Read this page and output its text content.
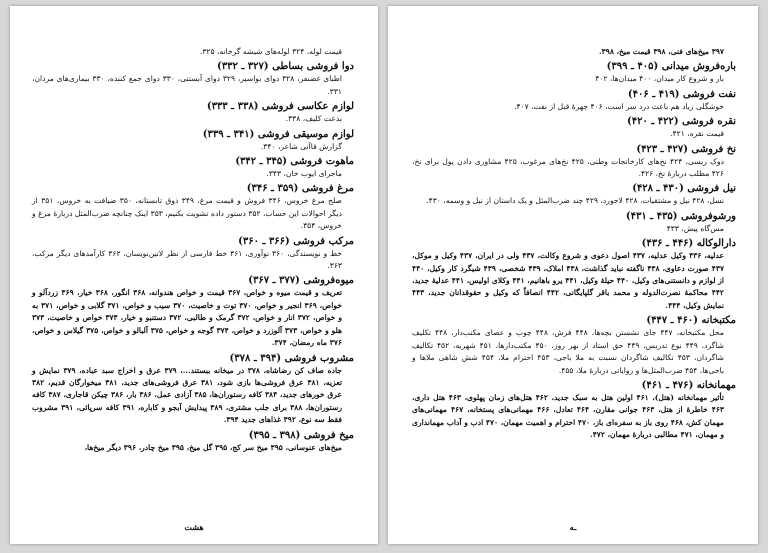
قیمت لوله، ۳۲۴ لوله‌های شیشه گرخانه، ۳۲۵.
دوا فروشی بساطی (۳۲۷ ـ ۳۳۲)
اطبای غضنفر، ۳۲۸ دوای بواسیر، ۳۲۹ دوای آبستنی، ۳۳۰ دوای جمع کننده، ۳۳۰ بیماری‌های مردان، ۳۳۱.
لوازم عکاسی فروشی (۳۳۸ ـ ۳۳۳)
بدعت کلیف، ۳۳۸.
لوازم موسیقی فروشی (۳۴۱ ـ ۳۳۹)
گزارش قاآنی شاعر، ۳۴۰.
ماهوت فروشی (۳۴۵ ـ ۳۴۲)
ماجرای ایوب خان، ۳۴۳.
مرغ فروشی (۳۵۹ ـ ۳۴۶)
صلح مرغ خروس، ۳۴۶ فروش و قیمت مرغ، ۳۴۹ ذوق تابستانه، ۳۵۰ ضیافت به خروس، ۳۵۱ از دیگر احوالات این حساب، ۳۵۲ دستور داده تشویت بکنیم، ۳۵۳ اینک چنانچه ضرب‌المثل دربارهٔ مرغ و خروس، ۳۵۴.
مرکب فروشی (۳۶۶ ـ ۳۶۰)
خط و نویسندگی، ۳۶۰ نوآوری، ۳۶۱ خط فارسی از نظر لاتین‌نویسان، ۳۶۲ کارآمدهای دیگر مرکب، ۳۶۳.
میوه‌فروشی (۳۷۷ ـ ۳۶۷)
تعریف و قیمت میوه و خواص، ۳۶۷ قیمت و خواص هندوانه، ۳۶۸ انگور، ۳۶۸ خیار، ۳۶۹ زردآلو و خواص، ۳۶۹ انجیر و خواص، ۳۷۰ توت و خاصیت، ۳۷۰ سیب و خواص، ۳۷۱ گلابی و خواص، ۳۷۱ به و خواص، ۳۷۲ انار و خواص، ۳۷۲ گرمک و طالبی، ۳۷۲ دستنبو و خیار، ۳۷۳ خواص و خاصیت، ۳۷۳ هلو و خواص، ۳۷۳ آلوزرد و خواص، ۳۷۴ گوجه و خواص، ۳۷۵ آلبالو و خواص، ۳۷۵ گیلاس و خواص، ۳۷۶ ماه رمضان، ۳۷۴.
مشروب فروشی (۳۹۴ ـ ۳۷۸)
جاده صاف کن رضاشاه، ۳۷۸ در میخانه ببستند...، ۳۷۹ عرق و اخراج سبد عباده، ۳۷۹ نمایش و تعزیه، ۳۸۱ عرق فروشی‌ها بازی شود، ۳۸۱ عرق فروشی‌های جدید، ۳۸۱ میخوارگان قدیم، ۳۸۲ عرق خورهای جدید، ۳۸۴ کافه رستوران‌ها، ۳۸۵ آزادی عمل، ۳۸۶ بار، ۳۸۶ چیکن قاجاری، ۳۸۷ کافه رستوران‌ها، ۳۸۸ برای جلب مشتری، ۳۸۹ پیدایش آبجو و کاباره، ۳۹۱ کافه سرپائی، ۳۹۱ مشروب فقط سه نوع، ۳۹۲ غذاهای جدید ۳۹۴.
میخ فروشی (۳۹۸ ـ ۳۹۵)
میخ‌های عنوسانی، ۳۹۵ میخ سر کج، ۳۹۵ گل میخ، ۳۹۵ میخ چادر، ۳۹۶ دیگر میخ‌ها،
هشت
۳۹۷ میخ‌های فنی، ۳۹۸ قیمت میخ، ۳۹۸.
باره‌فروش میدانی (۴۰۵ ـ ۳۹۹)
بار و شروع کار میدان، ۴۰۰ میدان‌ها، ۴۰۲
نفت فروشی (۴۱۹ ـ ۴۰۶)
خوشگلی زیاد هم باعث درد سر است، ۴۰۶ چهرهٔ قبل از نفت، ۴۰۷.
نقره فروشی (۴۲۲ ـ ۴۲۰)
قیمت نقره، ۴۲۱.
نخ فروشی (۴۲۷ ـ ۴۲۳)
دوک ریسی، ۴۲۴ نخ‌های کارخانجات وطنی، ۴۲۵ نخ‌های مرغوب، ۴۲۵ مشاوری دادن پول برای نخ، ۴۲۶ مطلب دربارهٔ نخ، ۴۲۶.
نیل فروشی (۴۳۰ ـ ۴۲۸)
نسل، ۴۲۸ نیل و مشتقیات، ۴۲۸ لاجورد، ۴۲۹ چند ضرب‌المثل و یک داستان از نیل و وسمه، ۴۳۰.
ورشوفروشی (۴۳۵ ـ ۴۳۱)
مس‌گاه پیش، ۴۳۳
دارالوکاله (۴۴۶ ـ ۴۳۶)
عدلیه، ۴۳۶ وکیل عدلیه، ۴۳۷ اصول دعوی و شروع وکالت، ۴۳۷ ولی در ایران، ۴۳۷ وکیل و موکل، ۴۳۷ صورت دعاوی، ۴۳۸ ناگفته نباید گذاشت، ۴۳۸ املاک، ۴۳۹ شخصی، ۴۳۹ شیگرد کار وکیل، ۴۴۰ از لوازم و دانستنی‌های وکیل، ۴۴۰ حیلهٔ وکیل، ۴۴۱ یرو باهانیم، ۴۴۱ وکلای اولیس، ۴۴۱ عدلیهٔ جدید، ۴۴۲ محاکمهٔ نصرت‌الدوله و محمد باقر گلپایگانی، ۴۴۲ انصافاً که وکیل و حقوقدانان جدید، ۴۴۳ نمایش وکیل، ۴۴۴.
مکتبخانه (۴۶۰ ـ ۴۴۷)
محل مکتبخانه، ۴۴۷ جای نشستن بچه‌ها، ۴۴۸ فرش، ۴۴۸ چوب و عصای مکتب‌دار، ۴۴۸ تکلیف شاگرد، ۴۴۹ نوع تدریس، ۴۴۹ حق استاد از بهر روز، ۴۵۰ مکتب‌دارها، ۴۵۱ شهریه، ۴۵۲ تکالیف شاگردان، ۴۵۳ تکالیف شاگردان نسبت به ملا باجی، ۴۵۳ احترام ملا، ۴۵۴ شش شاهی ملاها و باجی‌ها، ۴۵۴ ضرب‌المثل‌ها و روایاتی دربارهٔ ملا، ۴۵۵.
مهمانخانه (۴۷۶ ـ ۴۶۱)
تأثیر مهمانخانه (هتل)، ۴۶۱ اولین هتل به سبک جدید، ۴۶۲ هتل‌های زمان پهلوی، ۴۶۳ هتل داری، ۴۶۳ خاطرهٔ از هتل، ۴۶۳ جوانی مقارن، ۴۶۴ تعادل، ۴۶۶ مهمانی‌های پستخانه، ۴۶۷ مهمانی‌های مهمان کش، ۴۶۸ روی باز به سفره‌ای باز، ۴۷۰ احترام و اهمیت مهمان، ۴۷۰ ادب و آداب مهمانداری و مهمان، ۴۷۱ مطالبی دربارهٔ مهمان، ۴۷۲.
ـه
